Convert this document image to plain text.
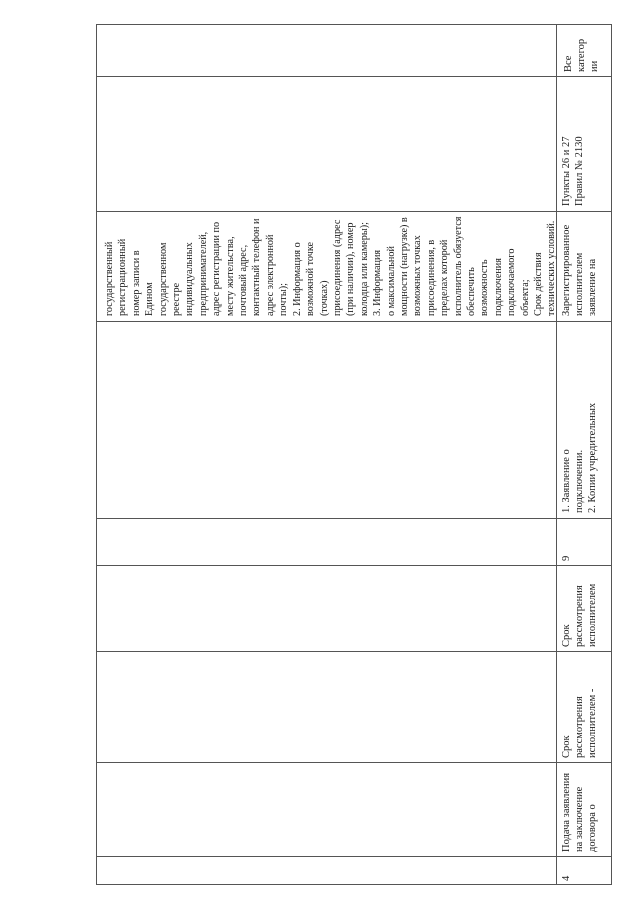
4
Подача заявления на заключение договора о
Срок рассмотрения исполнителем -
Срок рассмотрения исполнителем
9
1. Заявление о подключении. 2. Копии учредительных
государственный регистрационный номер записи в Едином государственном реестре индивидуальных предпринимателей, адрес регистрации по месту жительства, почтовый адрес, контактный телефон и адрес электронной почты); 2. Информация о возможной точке (точках) присоединения (адрес (при наличии), номер колодца или камеры); 3. Информация о максимальной мощности (нагрузке) в возможных точках присоединения, в пределах которой исполнитель обязуется обеспечить возможность подключения подключаемого объекта; Срок действия технических условий. Зарегистрированное исполнителем заявление на
Пункты 26 и 27 Правил № 2130
Все категор ии
